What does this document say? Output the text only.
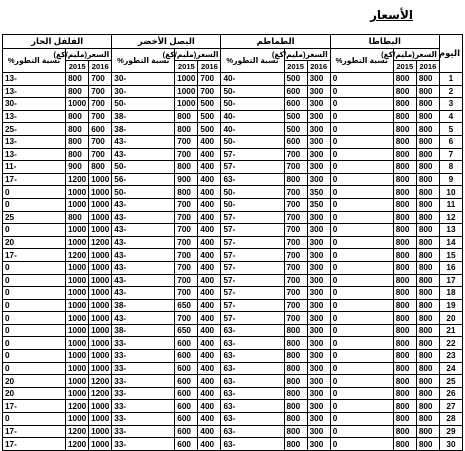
الأسعار
اليوم	البطاطا			الطماطم			البصل الأخضر			الفلفل الحار		
	السعر(مليم/كغ)		نسبة التطور%	السعر(مليم/كغ)		نسبة التطور%	السعر(مليم/كغ)		نسبة التطور%	السعر(مليم/كغ)		نسبة التطور%
	2016	2015		2016	2015		2016	2015		2016	2015	
1	800	800	0	300	500	-40	700	1000	-30	700	800	-13
2	800	800	0	300	600	-50	700	1000	-30	700	800	-13
3	800	800	0	300	600	-50	500	1000	-50	700	1000	-30
4	800	800	0	300	500	-40	500	800	-38	700	800	-13
5	800	800	0	300	500	-40	500	800	-38	600	800	-25
6	800	800	0	300	600	-50	400	700	-43	700	800	-13
7	800	800	0	300	700	-57	400	700	-43	700	800	-13
8	800	800	0	300	700	-57	400	800	-50	800	900	-11
9	800	800	0	300	800	-63	400	900	-56	1000	1200	-17
10	800	800	0	350	700	-50	400	800	-50	1000	1000	0
11	800	800	0	350	700	-50	400	700	-43	1000	1000	0
12	800	800	0	300	700	-57	400	700	-43	1000	800	25
13	800	800	0	300	700	-57	400	700	-43	1000	1000	0
14	800	800	0	300	700	-57	400	700	-43	1200	1000	20
15	800	800	0	300	700	-57	400	700	-43	1000	1200	-17
16	800	800	0	300	700	-57	400	700	-43	1000	1000	0
17	800	800	0	300	700	-57	400	700	-43	1000	1000	0
18	800	800	0	300	700	-57	400	700	-43	1000	1000	0
19	800	800	0	300	700	-57	400	650	-38	1000	1000	0
20	800	800	0	300	700	-57	400	700	-43	1000	1000	0
21	800	800	0	300	800	-63	400	650	-38	1000	1000	0
22	800	800	0	300	800	-63	400	600	-33	1000	1000	0
23	800	800	0	300	800	-63	400	600	-33	1000	1000	0
24	800	800	0	300	800	-63	400	600	-33	1000	1000	0
25	800	800	0	300	800	-63	400	600	-33	1200	1000	20
26	800	800	0	300	800	-63	400	600	-33	1200	1000	20
27	800	800	0	300	800	-63	400	600	-33	1000	1200	-17
28	800	800	0	300	800	-63	400	600	-33	1000	1000	0
29	800	800	0	300	800	-63	400	600	-33	1000	1200	-17
30	800	800	0	300	800	-63	400	600	-33	1000	1200	-17
